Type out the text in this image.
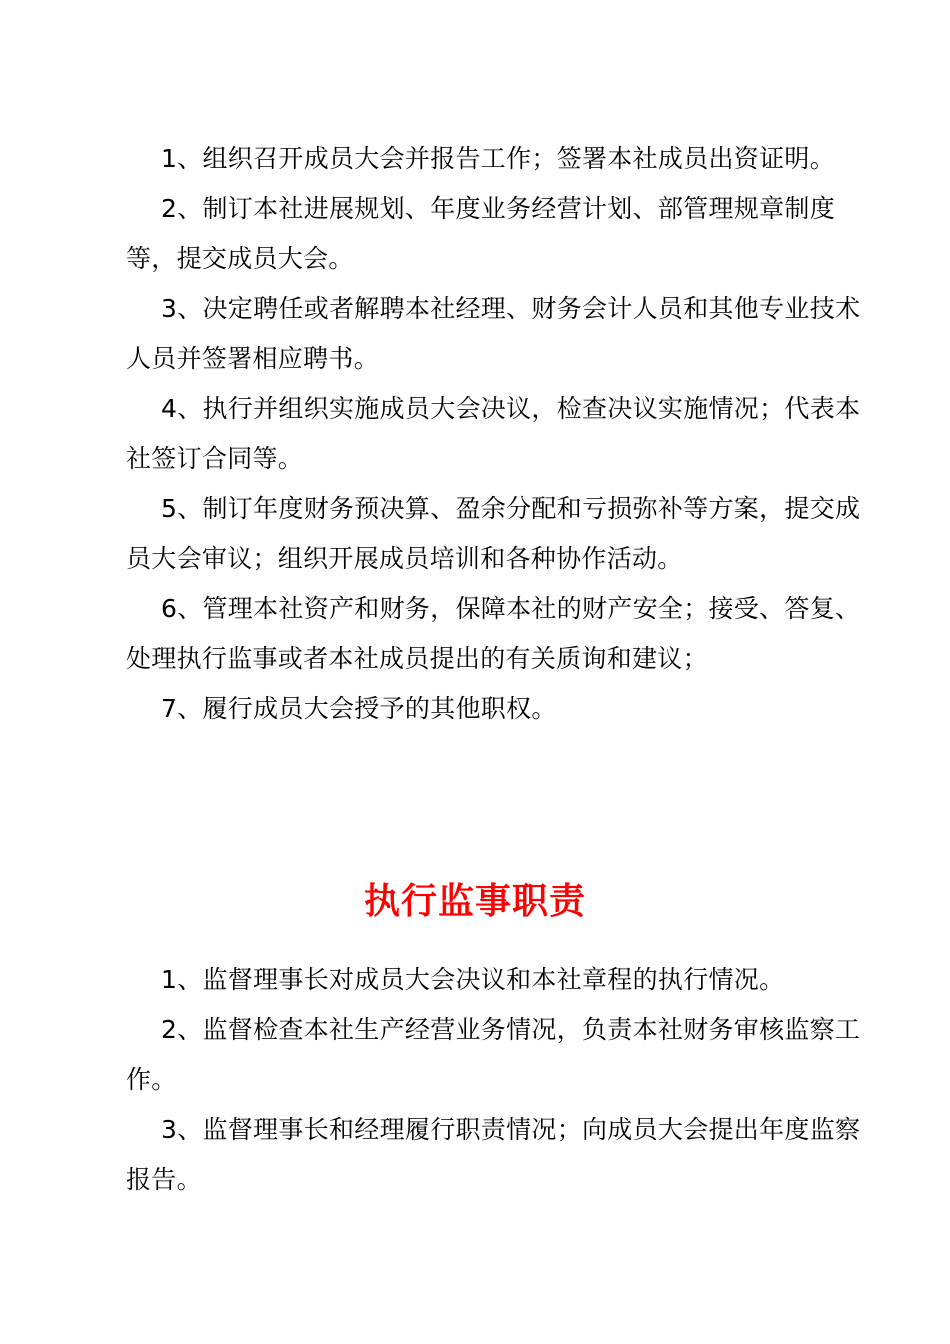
1、组织召开成员大会并报告工作；签署本社成员出资证明。

2、制订本社进展规划、年度业务经营计划、部管理规章制度等，提交成员大会。

3、决定聘任或者解聘本社经理、财务会计人员和其他专业技术人员并签署相应聘书。

4、执行并组织实施成员大会决议，检查决议实施情况；代表本社签订合同等。

5、制订年度财务预决算、盈余分配和亏损弥补等方案，提交成员大会审议；组织开展成员培训和各种协作活动。

6、管理本社资产和财务，保障本社的财产安全；接受、答复、处理执行监事或者本社成员提出的有关质询和建议；

7、履行成员大会授予的其他职权。

执行监事职责

1、监督理事长对成员大会决议和本社章程的执行情况。

2、监督检查本社生产经营业务情况，负责本社财务审核监察工作。

3、监督理事长和经理履行职责情况；向成员大会提出年度监察报告。
